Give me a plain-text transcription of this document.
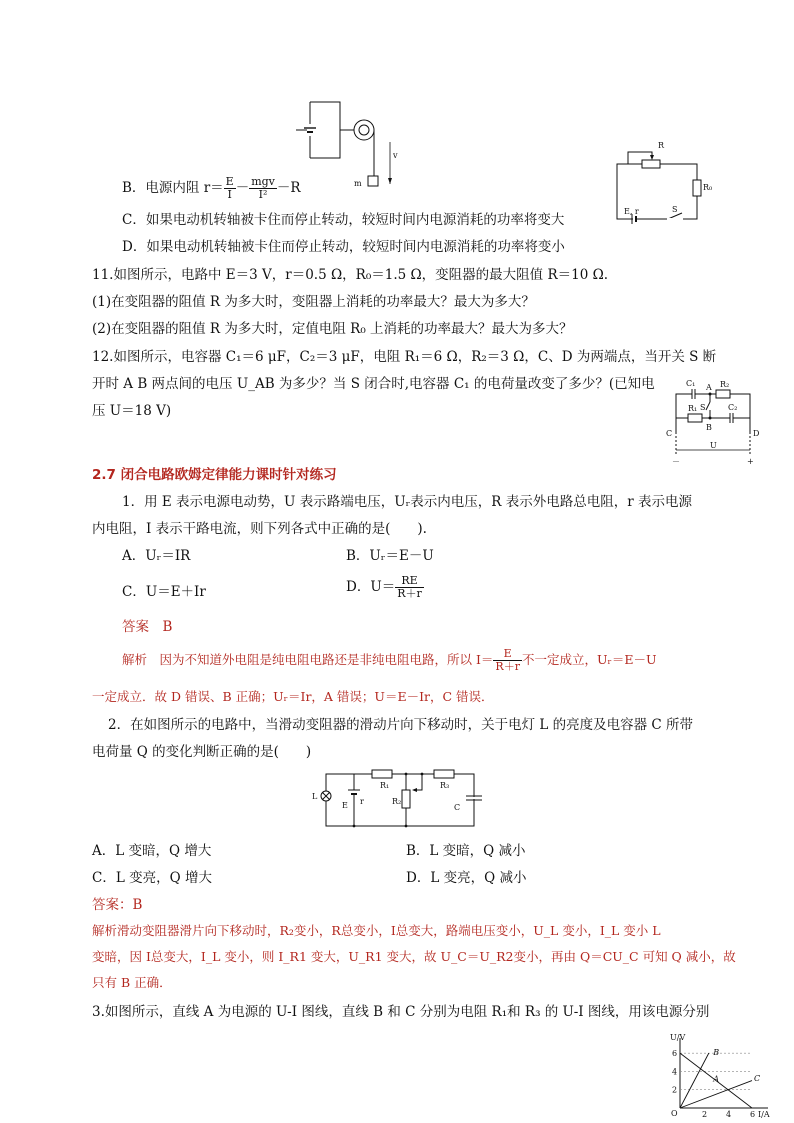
m
v
R
R₀
E, r	S
B．电源内阻 $r= \frac{E}{I} - \frac{\text{mgv}}{\text{I²}} -R$
C．如果电动机转轴被卡住而停止转动，较短时间内电源消耗的功率将变大
D．如果电动机转轴被卡住而停止转动，较短时间内电源消耗的功率将变小
11.如图所示，电路中 E＝3 V，r＝0.5 Ω，R₀＝1.5 Ω，变阻器的最大阻值 R＝10 Ω.
(1)在变阻器的阻值 R 为多大时，变阻器上消耗的功率最大？最大为多大？
(2)在变阻器的阻值 R 为多大时，定值电阻 R₀ 上消耗的功率最大？最大为多大？
12.如图所示，电容器 C₁＝6 μF，C₂＝3 μF，电阻 R₁＝6 Ω，R₂＝3 Ω，C、D 为两端点，当开关 S 断
开时 A B 两点间的电压 U_AB 为多少？当 S 闭合时,电容器 C₁ 的电荷量改变了多少？(已知电
压 U＝18 V)
C₁ A R₂
S
R₁
B
C₂
C	D
U
－	+
2.7 闭合电路欧姆定律能力课时针对练习
1．用 E 表示电源电动势，U 表示路端电压，Uᵣ表示内电压，R 表示外电路总电阻，r 表示电源
内电阻，I 表示干路电流，则下列各式中正确的是(　　).
A．Uᵣ＝IR	B．Uᵣ＝E－U
C．U＝E＋Ir	D．$U= \frac{RE}{R+r}$
答案　B
解析　因为不知道外电阻是纯电阻电路还是非纯电阻电路，所以 $I= \frac{E}{R+r}$ 不一定成立，Uᵣ＝E－U
一定成立．故 D 错误、B 正确；Uᵣ＝Ir，A 错误；U＝E－Ir，C 错误．
2．在如图所示的电路中，当滑动变阻器的滑动片向下移动时，关于电灯 L 的亮度及电容器 C 所带
电荷量 Q 的变化判断正确的是(　　)
L
R₁	R₃
E r	R₂
C
A．L 变暗，Q 增大	B．L 变暗，Q 减小
C．L 变亮，Q 增大	D．L 变亮，Q 减小
答案：B
解析滑动变阻器滑片向下移动时，R₂变小，R总变小，I总变大，路端电压变小，U_L 变小，I_L 变小 L
变暗，因 I总变大，I_L 变小，则 I_R1 变大，U_R1 变大，故 U_C＝U_R2变小，再由 Q＝CU_C 可知 Q 减小，故
只有 B 正确．
3.如图所示，直线 A 为电源的 U-I 图线，直线 B 和 C 分别为电阻 R₁和 R₃ 的 U-I 图线，用该电源分别
U/V
I/A
O
2
4
6
2 4 6
A
B
C
